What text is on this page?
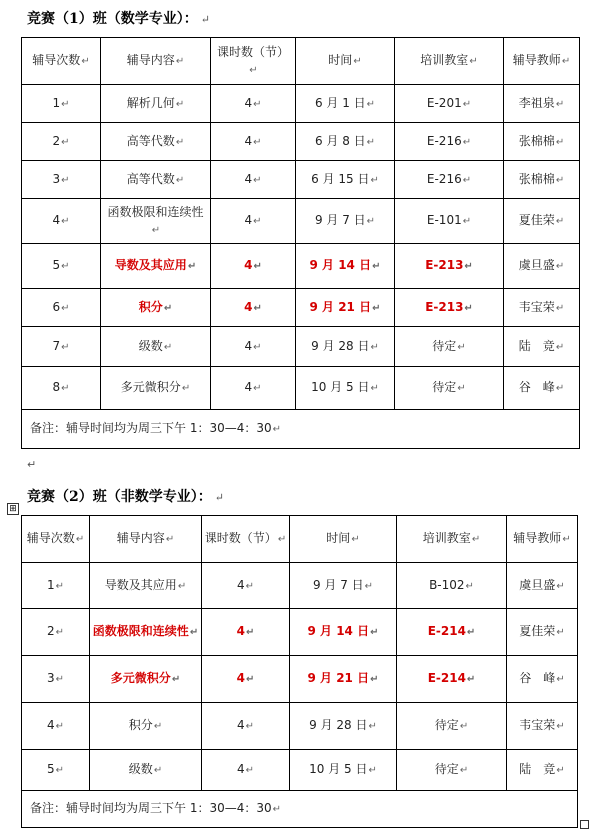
竞赛（1）班（数学专业）： ↵
辅导次数↵	辅导内容↵	课时数（节）↵	时间↵	培训教室↵	辅导教师↵
1↵	解析几何↵	4↵	6 月 1 日↵	E-201↵	李祖泉↵
2↵	高等代数↵	4↵	6 月 8 日↵	E-216↵	张棉棉↵
3↵	高等代数↵	4↵	6 月 15 日↵	E-216↵	张棉棉↵
4↵	函数极限和连续性↵	4↵	9 月 7 日↵	E-101↵	夏佳荣↵
5↵	导数及其应用↵	4↵	9 月 14 日↵	E-213↵	虞旦盛↵
6↵	积分↵	4↵	9 月 21 日↵	E-213↵	韦宝荣↵
7↵	级数↵	4↵	9 月 28 日↵	待定↵	陆　竞↵
8↵	多元微积分↵	4↵	10 月 5 日↵	待定↵	谷　峰↵
备注：辅导时间均为周三下午 1：30—4：30↵					
↵
竞赛（2）班（非数学专业）： ↵
⊞
辅导次数↵	辅导内容↵	课时数（节）↵	时间↵	培训教室↵	辅导教师↵
1↵	导数及其应用↵	4↵	9 月 7 日↵	B-102↵	虞旦盛↵
2↵	函数极限和连续性↵	4↵	9 月 14 日↵	E-214↵	夏佳荣↵
3↵	多元微积分↵	4↵	9 月 21 日↵	E-214↵	谷　峰↵
4↵	积分↵	4↵	9 月 28 日↵	待定↵	韦宝荣↵
5↵	级数↵	4↵	10 月 5 日↵	待定↵	陆　竞↵
备注：辅导时间均为周三下午 1：30—4：30↵					
